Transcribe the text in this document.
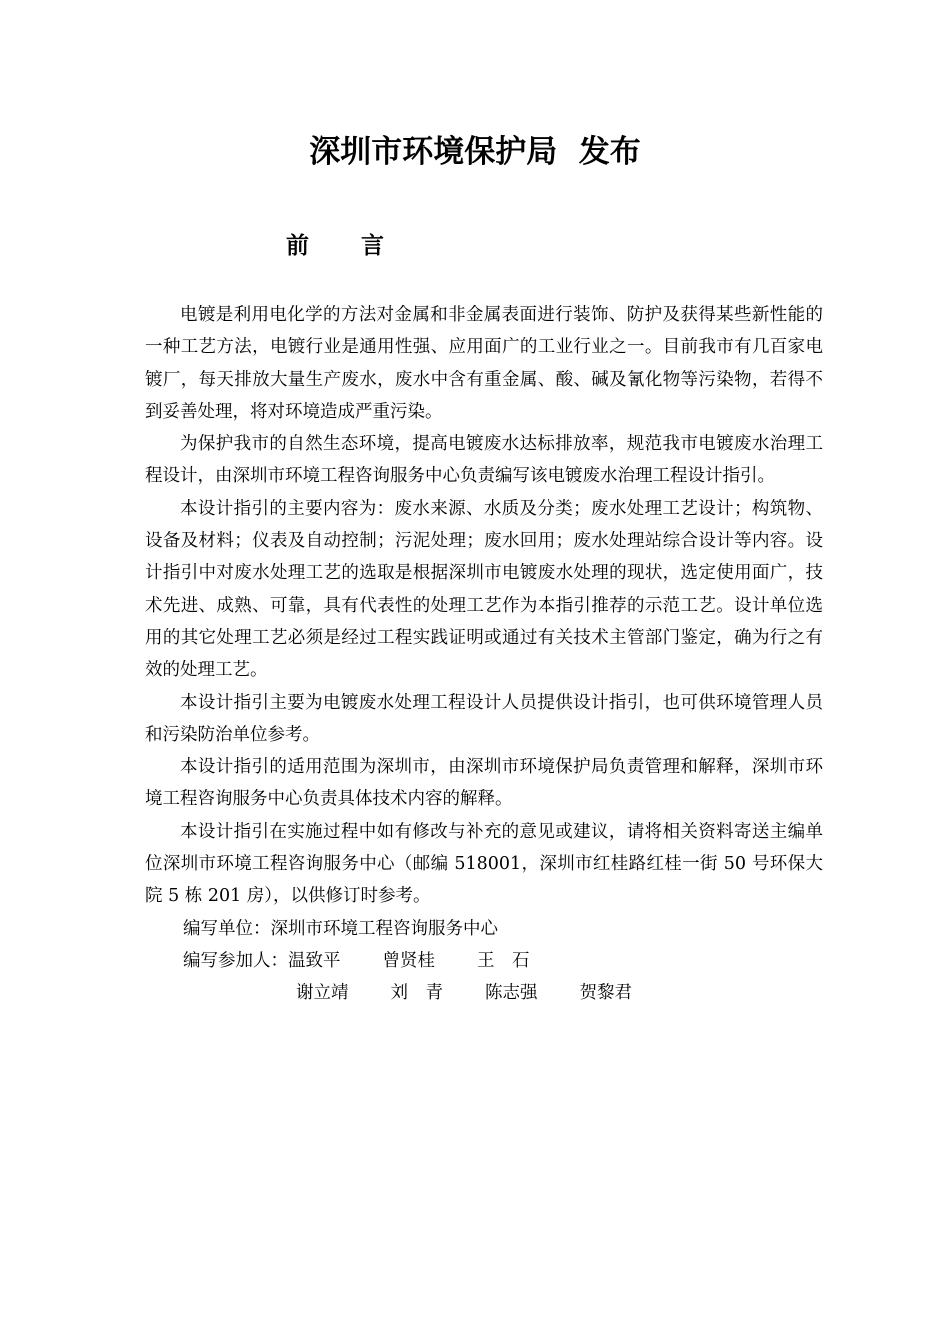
深圳市环境保护局  发布
前 言

电镀是利用电化学的方法对金属和非金属表面进行装饰、防护及获得某些新性能的一种工艺方法，电镀行业是通用性强、应用面广的工业行业之一。目前我市有几百家电镀厂，每天排放大量生产废水，废水中含有重金属、酸、碱及氰化物等污染物，若得不到妥善处理，将对环境造成严重污染。

为保护我市的自然生态环境，提高电镀废水达标排放率，规范我市电镀废水治理工程设计，由深圳市环境工程咨询服务中心负责编写该电镀废水治理工程设计指引。

本设计指引的主要内容为：废水来源、水质及分类；废水处理工艺设计；构筑物、设备及材料；仪表及自动控制；污泥处理；废水回用；废水处理站综合设计等内容。设计指引中对废水处理工艺的选取是根据深圳市电镀废水处理的现状，选定使用面广，技术先进、成熟、可靠，具有代表性的处理工艺作为本指引推荐的示范工艺。设计单位选用的其它处理工艺必须是经过工程实践证明或通过有关技术主管部门鉴定，确为行之有效的处理工艺。

本设计指引主要为电镀废水处理工程设计人员提供设计指引，也可供环境管理人员和污染防治单位参考。

本设计指引的适用范围为深圳市，由深圳市环境保护局负责管理和解释，深圳市环境工程咨询服务中心负责具体技术内容的解释。

本设计指引在实施过程中如有修改与补充的意见或建议，请将相关资料寄送主编单位深圳市环境工程咨询服务中心（邮编 518001，深圳市红桂路红桂一街 50 号环保大院 5 栋 201 房），以供修订时参考。

编写单位：深圳市环境工程咨询服务中心
编写参加人：温致平 曾贤桂 王　石
谢立靖 刘　青 陈志强 贺黎君
